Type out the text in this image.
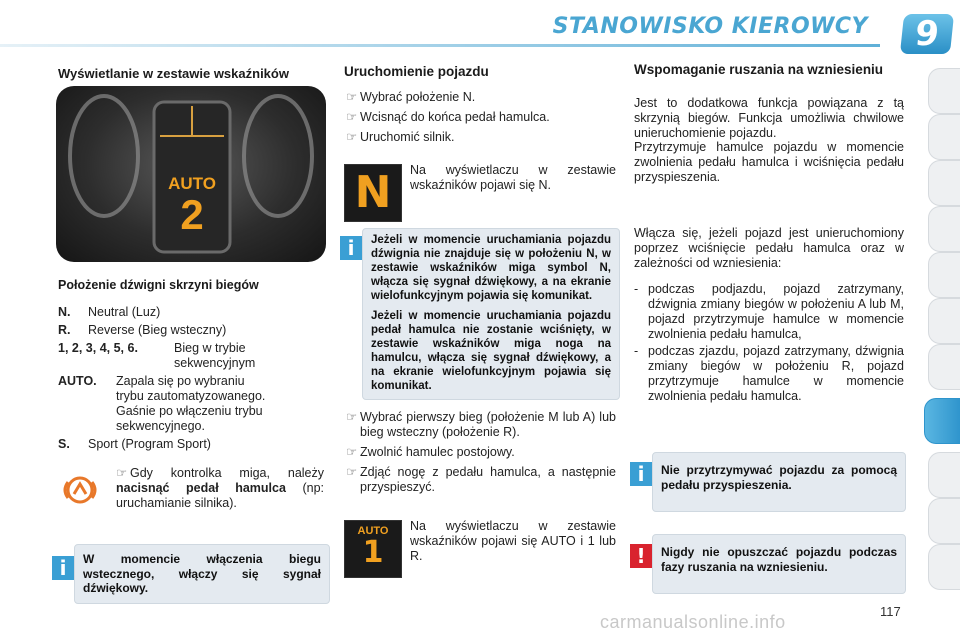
STANOWISKO KIEROWCY	9
Wyświetlanie w zestawie wskaźników
AUTO
2
Położenie dźwigni skrzyni biegów
N.	Neutral (Luz)
R.	Reverse (Bieg wsteczny)
1, 2, 3, 4, 5, 6.	Bieg w trybie sekwencyjnym
AUTO.	Zapala się po wybraniu trybu zautomatyzowanego. Gaśnie po włączeniu trybu sekwencyjnego.
S.	Sport (Program Sport)
☞ Gdy kontrolka miga, należy nacisnąć pedał hamulca (np: uruchamianie silnika).
W momencie włączenia biegu wstecznego, włączy się sygnał dźwiękowy.
i
Uruchomienie pojazdu
☞ Wybrać położenie N.
☞ Wcisnąć do końca pedał hamulca.
☞ Uruchomić silnik.
N	Na wyświetlaczu w zestawie wskaźników pojawi się N.
Jeżeli w momencie uruchamiania pojazdu dźwignia nie znajduje się w położeniu N, w zestawie wskaźników miga symbol N, włącza się sygnał dźwiękowy, a na ekranie wielofunkcyjnym pojawia się komunikat.
Jeżeli w momencie uruchamiania pojazdu pedał hamulca nie zostanie wciśnięty, w zestawie wskaźników miga noga na hamulcu, włącza się sygnał dźwiękowy, a na ekranie wielofunkcyjnym pojawia się komunikat.
i
☞ Wybrać pierwszy bieg (położenie M lub A) lub bieg wsteczny (położenie R).
☞ Zwolnić hamulec postojowy.
☞ Zdjąć nogę z pedału hamulca, a następnie przyspieszyć.
AUTO
1
Na wyświetlaczu w zestawie wskaźników pojawi się AUTO i 1 lub R.
Wspomaganie ruszania na wzniesieniu
Jest to dodatkowa funkcja powiązana z tą skrzynią biegów. Funkcja umożliwia chwilowe unieruchomienie pojazdu.
Przytrzymuje hamulce pojazdu w momencie zwolnienia pedału hamulca i wciśnięcia pedału przyspieszenia.
Włącza się, jeżeli pojazd jest unieruchomiony poprzez wciśnięcie pedału hamulca oraz w zależności od wzniesienia:
- podczas podjazdu, pojazd zatrzymany, dźwignia zmiany biegów w położeniu A lub M, pojazd przytrzymuje hamulce w momencie zwolnienia pedału hamulca,
- podczas zjazdu, pojazd zatrzymany, dźwignia zmiany biegów w położeniu R, pojazd przytrzymuje hamulce w momencie zwolnienia pedału hamulca.
Nie przytrzymywać pojazdu za pomocą pedału przyspieszenia.
i
Nigdy nie opuszczać pojazdu podczas fazy ruszania na wzniesieniu.
!
117
carmanualsonline.info
